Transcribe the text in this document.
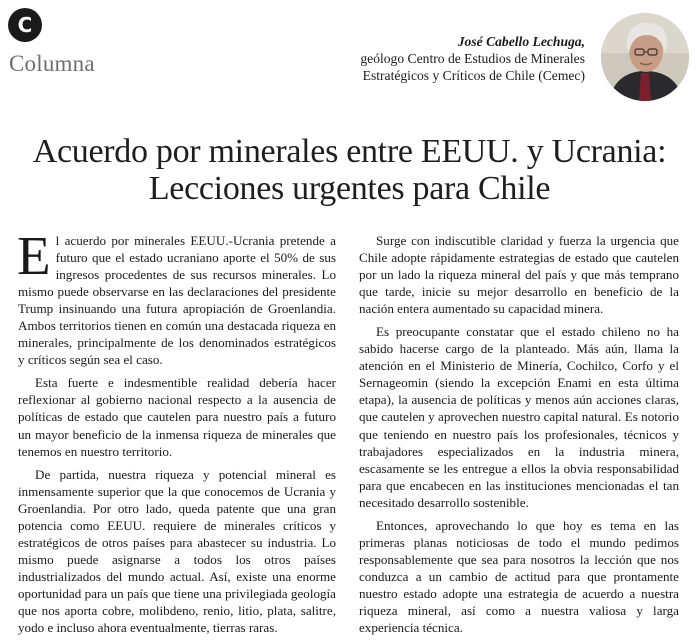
C
Columna
José Cabello Lechuga,
geólogo Centro de Estudios de Minerales
Estratégicos y Críticos de Chile (Cemec)
Acuerdo por minerales entre EEUU. y Ucrania:
Lecciones urgentes para Chile

El acuerdo por minerales EEUU.-Ucrania pretende a futuro que el estado ucraniano aporte el 50% de sus ingresos procedentes de sus recursos minerales. Lo mismo puede observarse en las declaraciones del presidente Trump insinuando una futura apropiación de Groenlandia. Ambos territorios tienen en común una destacada riqueza en minerales, principalmente de los denominados estratégicos y críticos según sea el caso.

Esta fuerte e indesmentible realidad debería hacer reflexionar al gobierno nacional respecto a la ausencia de políticas de estado que cautelen para nuestro país a futuro un mayor beneficio de la inmensa riqueza de minerales que tenemos en nuestro territorio.

De partida, nuestra riqueza y potencial mineral es inmensamente superior que la que conocemos de Ucrania y Groenlandia. Por otro lado, queda patente que una gran potencia como EEUU. requiere de minerales críticos y estratégicos de otros países para abastecer su industria. Lo mismo puede asignarse a todos los otros países industrializados del mundo actual. Así, existe una enorme oportunidad para un país que tiene una privilegiada geología que nos aporta cobre, molibdeno, renio, litio, plata, salitre, yodo e incluso ahora eventualmente, tierras raras.

Surge con indiscutible claridad y fuerza la urgencia que Chile adopte rápidamente estrategias de estado que cautelen por un lado la riqueza mineral del país y que más temprano que tarde, inicie su mejor desarrollo en beneficio de la nación entera aumentado su capacidad minera.

Es preocupante constatar que el estado chileno no ha sabido hacerse cargo de la planteado. Más aún, llama la atención en el Ministerio de Minería, Cochilco, Corfo y el Sernageomin (siendo la excepción Enami en esta última etapa), la ausencia de políticas y menos aún acciones claras, que cautelen y aprovechen nuestro capital natural. Es notorio que teniendo en nuestro país los profesionales, técnicos y trabajadores especializados en la industria minera, escasamente se les entregue a ellos la obvia responsabilidad para que encabecen en las instituciones mencionadas el tan necesitado desarrollo sostenible.

Entonces, aprovechando lo que hoy es tema en las primeras planas noticiosas de todo el mundo pedimos responsablemente que sea para nosotros la lección que nos conduzca a un cambio de actitud para que prontamente nuestro estado adopte una estrategia de acuerdo a nuestra riqueza mineral, así como a nuestra valiosa y larga experiencia técnica.
